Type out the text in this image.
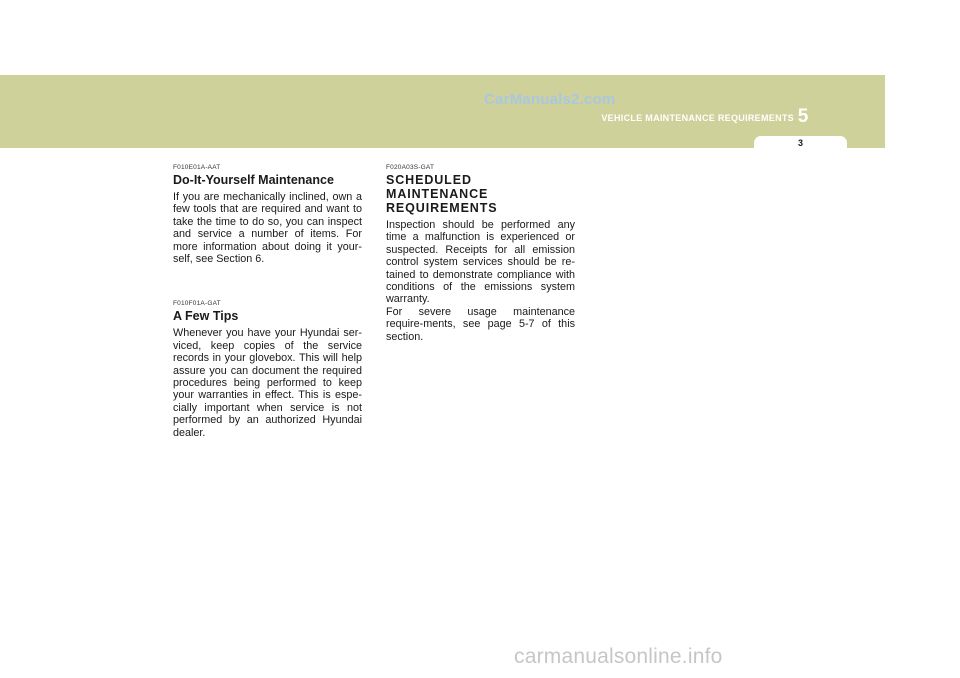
CarManuals2.com
VEHICLE MAINTENANCE REQUIREMENTS 5
3
F010E01A-AAT
Do-It-Yourself Maintenance

If you are mechanically inclined, own a few tools that are required and want to take the time to do so, you can inspect and service a number of items. For more information about doing it your-self, see Section 6.

F010F01A-GAT
A Few Tips

Whenever you have your Hyundai ser-viced, keep copies of the service records in your glovebox. This will help assure you can document the required procedures being performed to keep your warranties in effect. This is espe-cially important when service is not performed by an authorized Hyundai dealer.

F020A03S-GAT
SCHEDULED MAINTENANCE REQUIREMENTS

Inspection should be performed any time a malfunction is experienced or suspected. Receipts for all emission control system services should be re-tained to demonstrate compliance with conditions of the emissions system warranty.

For severe usage maintenance require-ments, see page 5-7 of this section.

carmanualsonline.info
